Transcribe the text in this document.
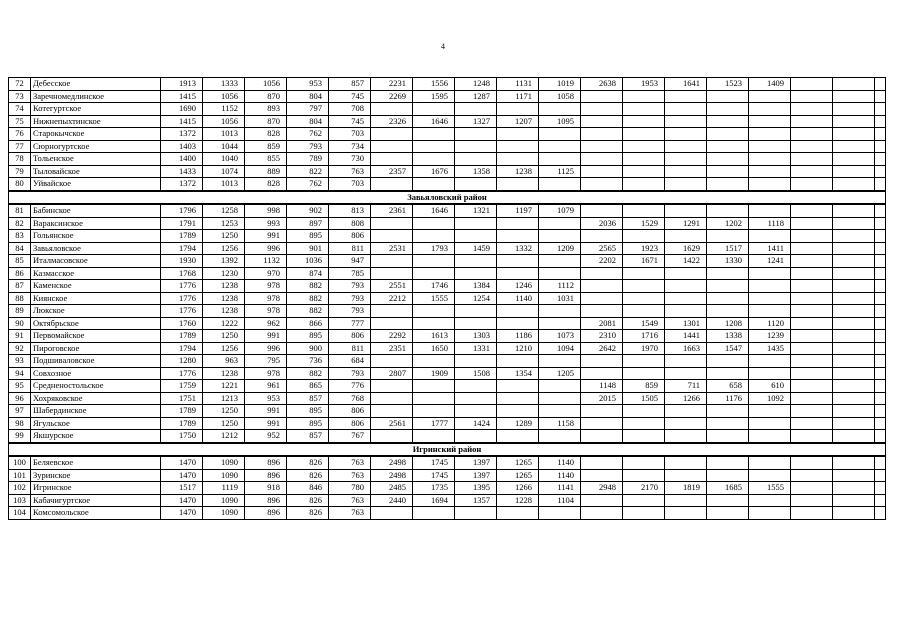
4
72	Дебесское	1913	1333	1056	953	857	2231	1556	1248	1131	1019	2638	1953	1641	1523	1409			
73	Заречномедлинское	1415	1056	870	804	745	2269	1595	1287	1171	1058								
74	Котегуртское	1690	1152	893	797	708													
75	Нижнепыхтинское	1415	1056	870	804	745	2326	1646	1327	1207	1095								
76	Старокычское	1372	1013	828	762	703													
77	Сюрногуртское	1403	1044	859	793	734													
78	Тольенское	1400	1040	855	789	730													
79	Тыловайское	1433	1074	889	822	763	2357	1676	1358	1238	1125								
80	Уйвайское	1372	1013	828	762	703													
Завьяловский район																			
81	Бабинское	1796	1258	998	902	813	2361	1646	1321	1197	1079								
82	Вараксинское	1791	1253	993	897	808						2036	1529	1291	1202	1118			
83	Гольянское	1789	1250	991	895	806													
84	Завьяловское	1794	1256	996	901	811	2531	1793	1459	1332	1209	2565	1923	1629	1517	1411			
85	Италмасовское	1930	1392	1132	1036	947						2202	1671	1422	1330	1241			
86	Казмасское	1768	1230	970	874	785													
87	Каменское	1776	1238	978	882	793	2551	1746	1384	1246	1112								
88	Киянское	1776	1238	978	882	793	2212	1555	1254	1140	1031								
89	Люкское	1776	1238	978	882	793													
90	Октябрьское	1760	1222	962	866	777						2081	1549	1301	1208	1120			
91	Первомайское	1789	1250	991	895	806	2292	1613	1303	1186	1073	2310	1716	1441	1338	1239			
92	Пироговское	1794	1256	996	900	811	2351	1650	1331	1210	1094	2642	1970	1663	1547	1435			
93	Подшиваловское	1280	963	795	736	684													
94	Совхозное	1776	1238	978	882	793	2807	1909	1508	1354	1205								
95	Средненостольское	1759	1221	961	865	776						1148	859	711	658	610			
96	Хохряковское	1751	1213	953	857	768						2015	1505	1266	1176	1092			
97	Шабердинское	1789	1250	991	895	806													
98	Ягульское	1789	1250	991	895	806	2561	1777	1424	1289	1158								
99	Якшурское	1750	1212	952	857	767													
Игринский район																			
100	Беляевское	1470	1090	896	826	763	2498	1745	1397	1265	1140								
101	Зуринское	1470	1090	896	826	763	2498	1745	1397	1265	1140								
102	Игринское	1517	1119	918	846	780	2485	1735	1395	1266	1141	2948	2170	1819	1685	1555			
103	Кабачигуртское	1470	1090	896	826	763	2440	1694	1357	1228	1104								
104	Комсомольское	1470	1090	896	826	763													
